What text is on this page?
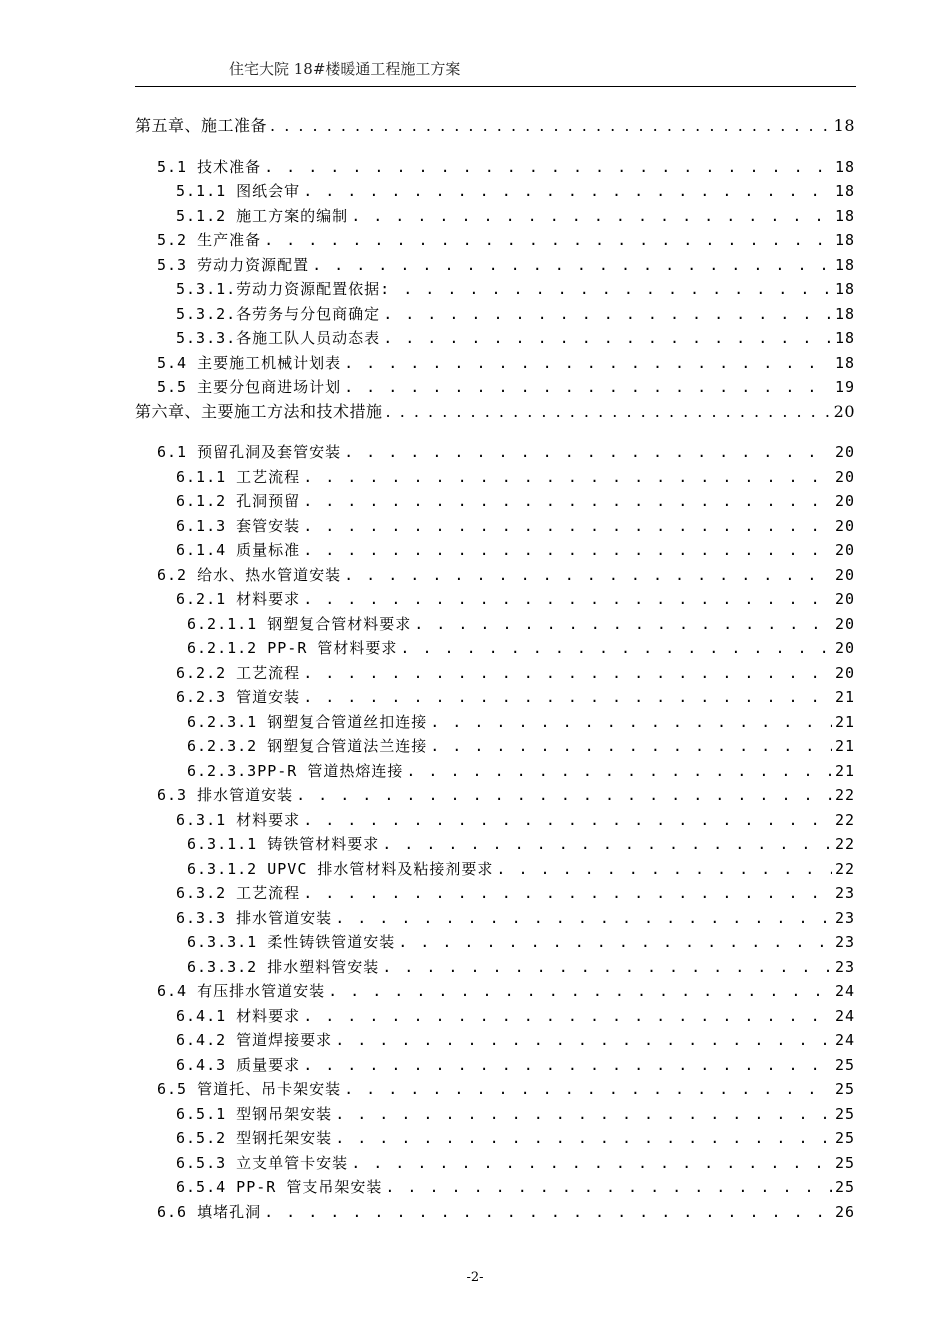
住宅大院 18#楼暖通工程施工方案
第五章、施工准备 . . .	18
5.1 技术准备 . . .	18
5.1.1 图纸会审 . . .	18
5.1.2 施工方案的编制 . . .	18
5.2 生产准备 . . .	18
5.3 劳动力资源配置 . . .	18
5.3.1.劳动力资源配置依据: . . .	18
5.3.2.各劳务与分包商确定 . . .	18
5.3.3.各施工队人员动态表 . . .	18
5.4 主要施工机械计划表 . . .	18
5.5 主要分包商进场计划 . . .	19
第六章、主要施工方法和技术措施 . . .	20
6.1 预留孔洞及套管安装 . . .	20
6.1.1 工艺流程 . . .	20
6.1.2 孔洞预留 . . .	20
6.1.3 套管安装 . . .	20
6.1.4 质量标准 . . .	20
6.2 给水、热水管道安装 . . .	20
6.2.1 材料要求 . . .	20
6.2.1.1 钢塑复合管材料要求 . . .	20
6.2.1.2 PP-R 管材料要求 . . .	20
6.2.2 工艺流程 . . .	20
6.2.3 管道安装 . . .	21
6.2.3.1 钢塑复合管道丝扣连接 . . .	21
6.2.3.2 钢塑复合管道法兰连接 . . .	21
6.2.3.3PP-R 管道热熔连接 . . .	21
6.3 排水管道安装 . . .	22
6.3.1 材料要求 . . .	22
6.3.1.1 铸铁管材料要求 . . .	22
6.3.1.2 UPVC 排水管材料及粘接剂要求 . . .	22
6.3.2 工艺流程 . . .	23
6.3.3 排水管道安装 . . .	23
6.3.3.1 柔性铸铁管道安装 . . .	23
6.3.3.2 排水塑料管安装 . . .	23
6.4 有压排水管道安装 . . .	24
6.4.1 材料要求 . . .	24
6.4.2 管道焊接要求 . . .	24
6.4.3 质量要求 . . .	25
6.5 管道托、吊卡架安装 . . .	25
6.5.1 型钢吊架安装 . . .	25
6.5.2 型钢托架安装 . . .	25
6.5.3 立支单管卡安装 . . .	25
6.5.4 PP-R 管支吊架安装 . . .	25
6.6 填堵孔洞 . . .	26
-2-
